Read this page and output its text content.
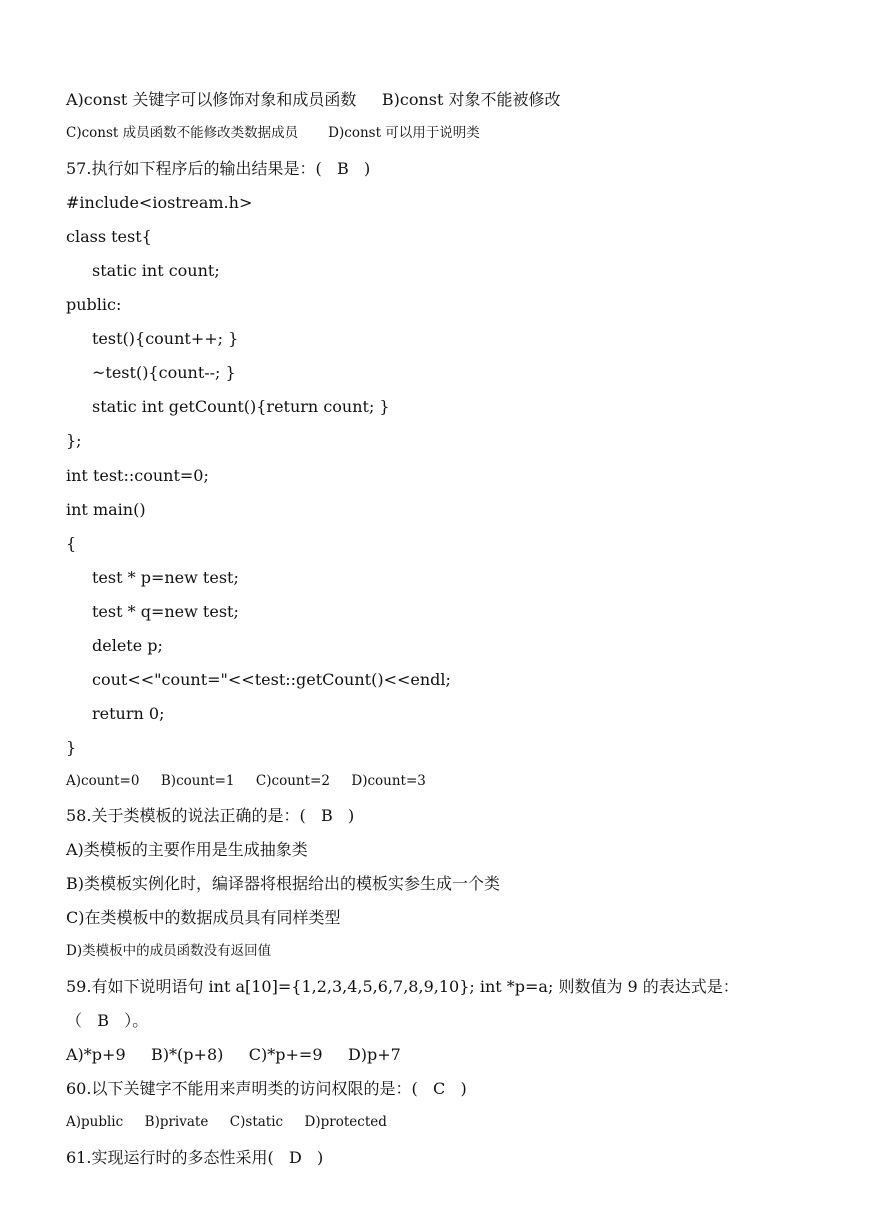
A)const 关键字可以修饰对象和成员函数     B)const 对象不能被修改
C)const 成员函数不能修改类数据成员       D)const 可以用于说明类
57.执行如下程序后的输出结果是：(   B   )
#include<iostream.h>
class test{
static int count;
public:
test(){count++; }
~test(){count--; }
static int getCount(){return count; }
};
int test::count=0;
int main()
{
test * p=new test;
test * q=new test;
delete p;
cout<<"count="<<test::getCount()<<endl;
return 0;
}
A)count=0     B)count=1     C)count=2     D)count=3
58.关于类模板的说法正确的是：(   B   )
A)类模板的主要作用是生成抽象类
B)类模板实例化时，编译器将根据给出的模板实参生成一个类
C)在类模板中的数据成员具有同样类型
D)类模板中的成员函数没有返回值
59.有如下说明语句 int a[10]={1,2,3,4,5,6,7,8,9,10}; int *p=a; 则数值为 9 的表达式是：
（   B   ）。
A)*p+9     B)*(p+8)     C)*p+=9     D)p+7
60.以下关键字不能用来声明类的访问权限的是：(   C   )
A)public     B)private     C)static     D)protected
61.实现运行时的多态性采用(   D   )
